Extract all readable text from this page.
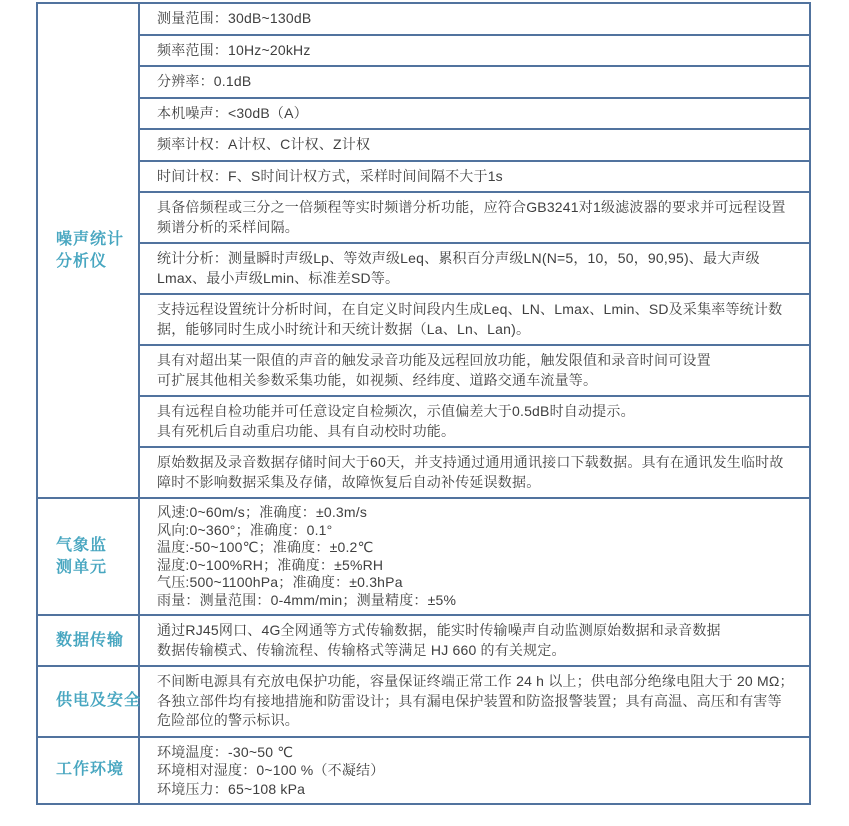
噪声统计
分析仪
测量范围：30dB~130dB
频率范围：10Hz~20kHz
分辨率：0.1dB
本机噪声：<30dB（A）
频率计权：A计权、C计权、Z计权
时间计权：F、S时间计权方式，采样时间间隔不大于1s
具备倍频程或三分之一倍频程等实时频谱分析功能，应符合GB3241对1级滤波器的要求并可远程设置频谱分析的采样间隔。
统计分析：测量瞬时声级Lp、等效声级Leq、累积百分声级LN(N=5，10，50，90,95)、最大声级Lmax、最小声级Lmin、标准差SD等。
支持远程设置统计分析时间，在自定义时间段内生成Leq、LN、Lmax、Lmin、SD及采集率等统计数据，能够同时生成小时统计和天统计数据（La、Ln、Lan)。
具有对超出某一限值的声音的触发录音功能及远程回放功能，触发限值和录音时间可设置
可扩展其他相关参数采集功能，如视频、经纬度、道路交通车流量等。
具有远程自检功能并可任意设定自检频次，示值偏差大于0.5dB时自动提示。
具有死机后自动重启功能、具有自动校时功能。
原始数据及录音数据存储时间大于60天，并支持通过通用通讯接口下载数据。具有在通讯发生临时故障时不影响数据采集及存储，故障恢复后自动补传延误数据。
气象监
测单元
风速:0~60m/s；准确度：±0.3m/s
风向:0~360°；准确度：0.1°
温度:-50~100℃；准确度：±0.2℃
湿度:0~100%RH；准确度：±5%RH
气压:500~1100hPa；准确度：±0.3hPa
雨量：测量范围：0-4mm/min；测量精度：±5%
数据传输
通过RJ45网口、4G全网通等方式传输数据，能实时传输噪声自动监测原始数据和录音数据
数据传输模式、传输流程、传输格式等满足 HJ 660 的有关规定。
供电及安全
不间断电源具有充放电保护功能，容量保证终端正常工作 24 h 以上；供电部分绝缘电阻大于 20 MΩ；各独立部件均有接地措施和防雷设计；具有漏电保护装置和防盗报警装置；具有高温、高压和有害等危险部位的警示标识。
工作环境
环境温度：-30~50 ℃
环境相对湿度：0~100 %（不凝结）
环境压力：65~108 kPa
